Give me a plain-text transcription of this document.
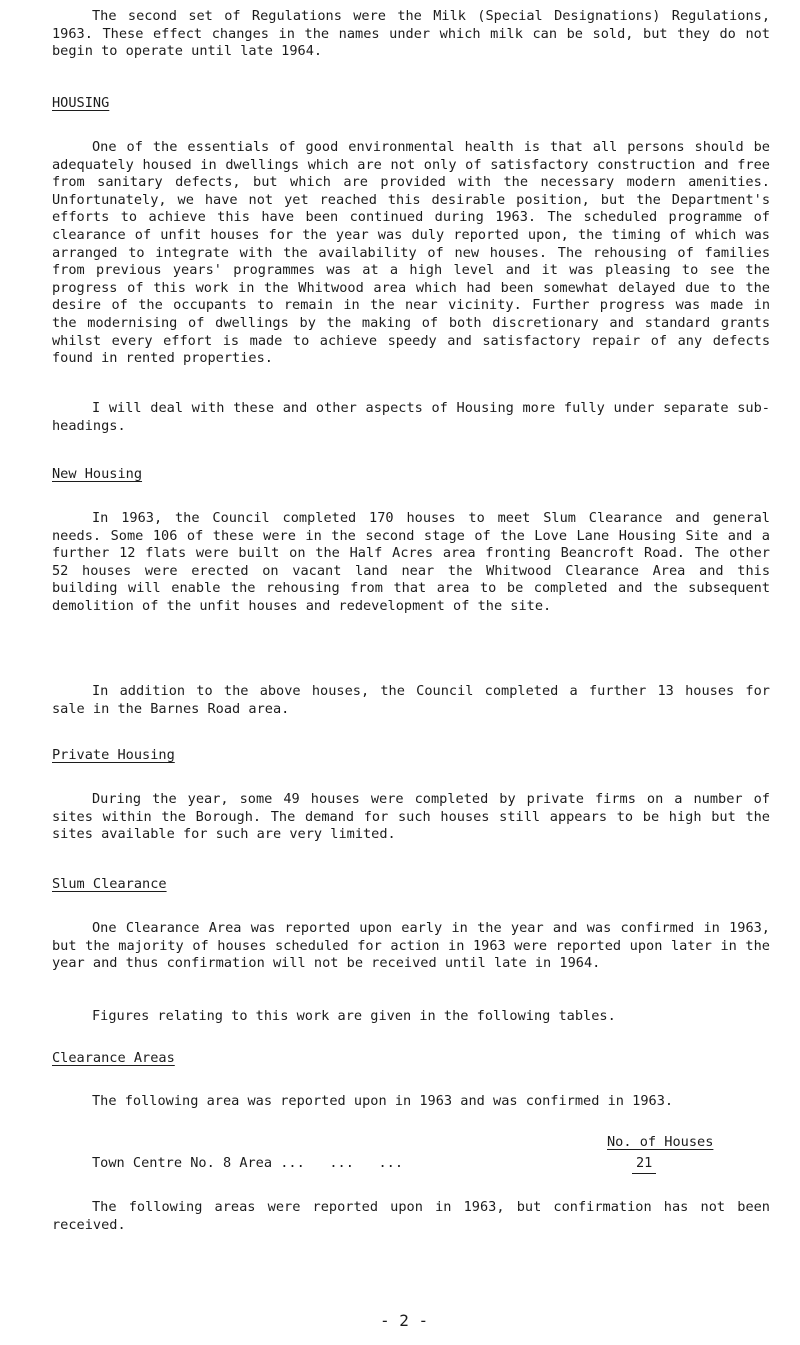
The second set of Regulations were the Milk (Special Designations) Regulations, 1963. These effect changes in the names under which milk can be sold, but they do not begin to operate until late 1964.

HOUSING

One of the essentials of good environmental health is that all persons should be adequately housed in dwellings which are not only of satisfactory construction and free from sanitary defects, but which are provided with the necessary modern amenities. Unfortunately, we have not yet reached this desirable position, but the Department's efforts to achieve this have been continued during 1963. The scheduled programme of clearance of unfit houses for the year was duly reported upon, the timing of which was arranged to integrate with the availability of new houses. The rehousing of families from previous years' programmes was at a high level and it was pleasing to see the progress of this work in the Whitwood area which had been somewhat delayed due to the desire of the occupants to remain in the near vicinity. Further progress was made in the modernising of dwellings by the making of both discretionary and standard grants whilst every effort is made to achieve speedy and satisfactory repair of any defects found in rented properties.

I will deal with these and other aspects of Housing more fully under separate sub-headings.

New Housing

In 1963, the Council completed 170 houses to meet Slum Clearance and general needs. Some 106 of these were in the second stage of the Love Lane Housing Site and a further 12 flats were built on the Half Acres area fronting Beancroft Road. The other 52 houses were erected on vacant land near the Whitwood Clearance Area and this building will enable the rehousing from that area to be completed and the subsequent demolition of the unfit houses and redevelopment of the site.

In addition to the above houses, the Council completed a further 13 houses for sale in the Barnes Road area.

Private Housing

During the year, some 49 houses were completed by private firms on a number of sites within the Borough. The demand for such houses still appears to be high but the sites available for such are very limited.

Slum Clearance

One Clearance Area was reported upon early in the year and was confirmed in 1963, but the majority of houses scheduled for action in 1963 were reported upon later in the year and thus confirmation will not be received until late in 1964.

Figures relating to this work are given in the following tables.

Clearance Areas

The following area was reported upon in 1963 and was confirmed in 1963.

No. of Houses
Town Centre No. 8 Area ...   ...   ...	21

The following areas were reported upon in 1963, but confirmation has not been received.

- 2 -
